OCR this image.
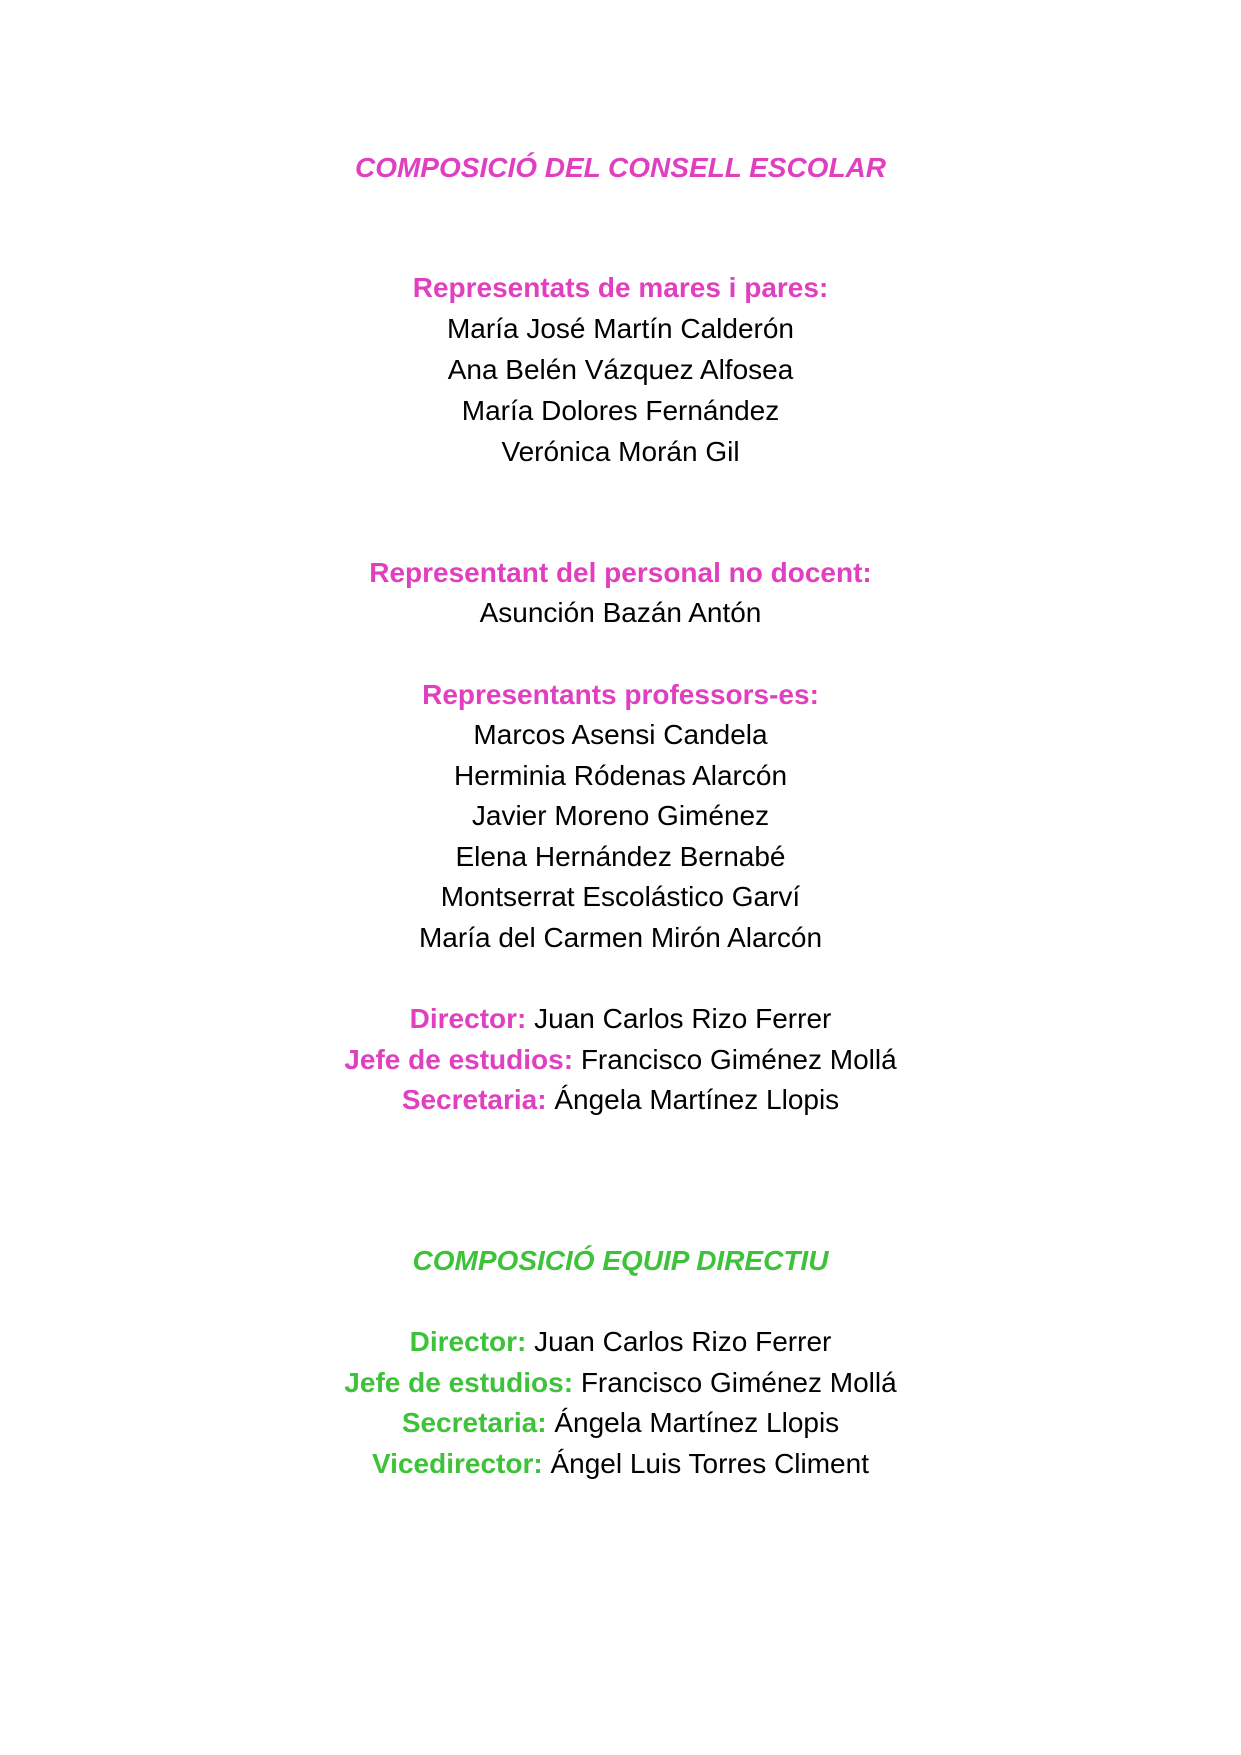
COMPOSICIÓ DEL CONSELL ESCOLAR
Representats de mares i pares:
María José Martín Calderón
Ana Belén Vázquez Alfosea
María Dolores Fernández
Verónica Morán Gil
Representant del personal no docent:
Asunción Bazán Antón
Representants professors-es:
Marcos Asensi Candela
Herminia Ródenas Alarcón
Javier Moreno Giménez
Elena Hernández Bernabé
Montserrat Escolástico Garví
María del Carmen Mirón Alarcón
Director: Juan Carlos Rizo Ferrer
Jefe de estudios: Francisco Giménez Mollá
Secretaria: Ángela Martínez Llopis
COMPOSICIÓ EQUIP DIRECTIU
Director: Juan Carlos Rizo Ferrer
Jefe de estudios: Francisco Giménez Mollá
Secretaria: Ángela Martínez Llopis
Vicedirector: Ángel Luis Torres Climent
